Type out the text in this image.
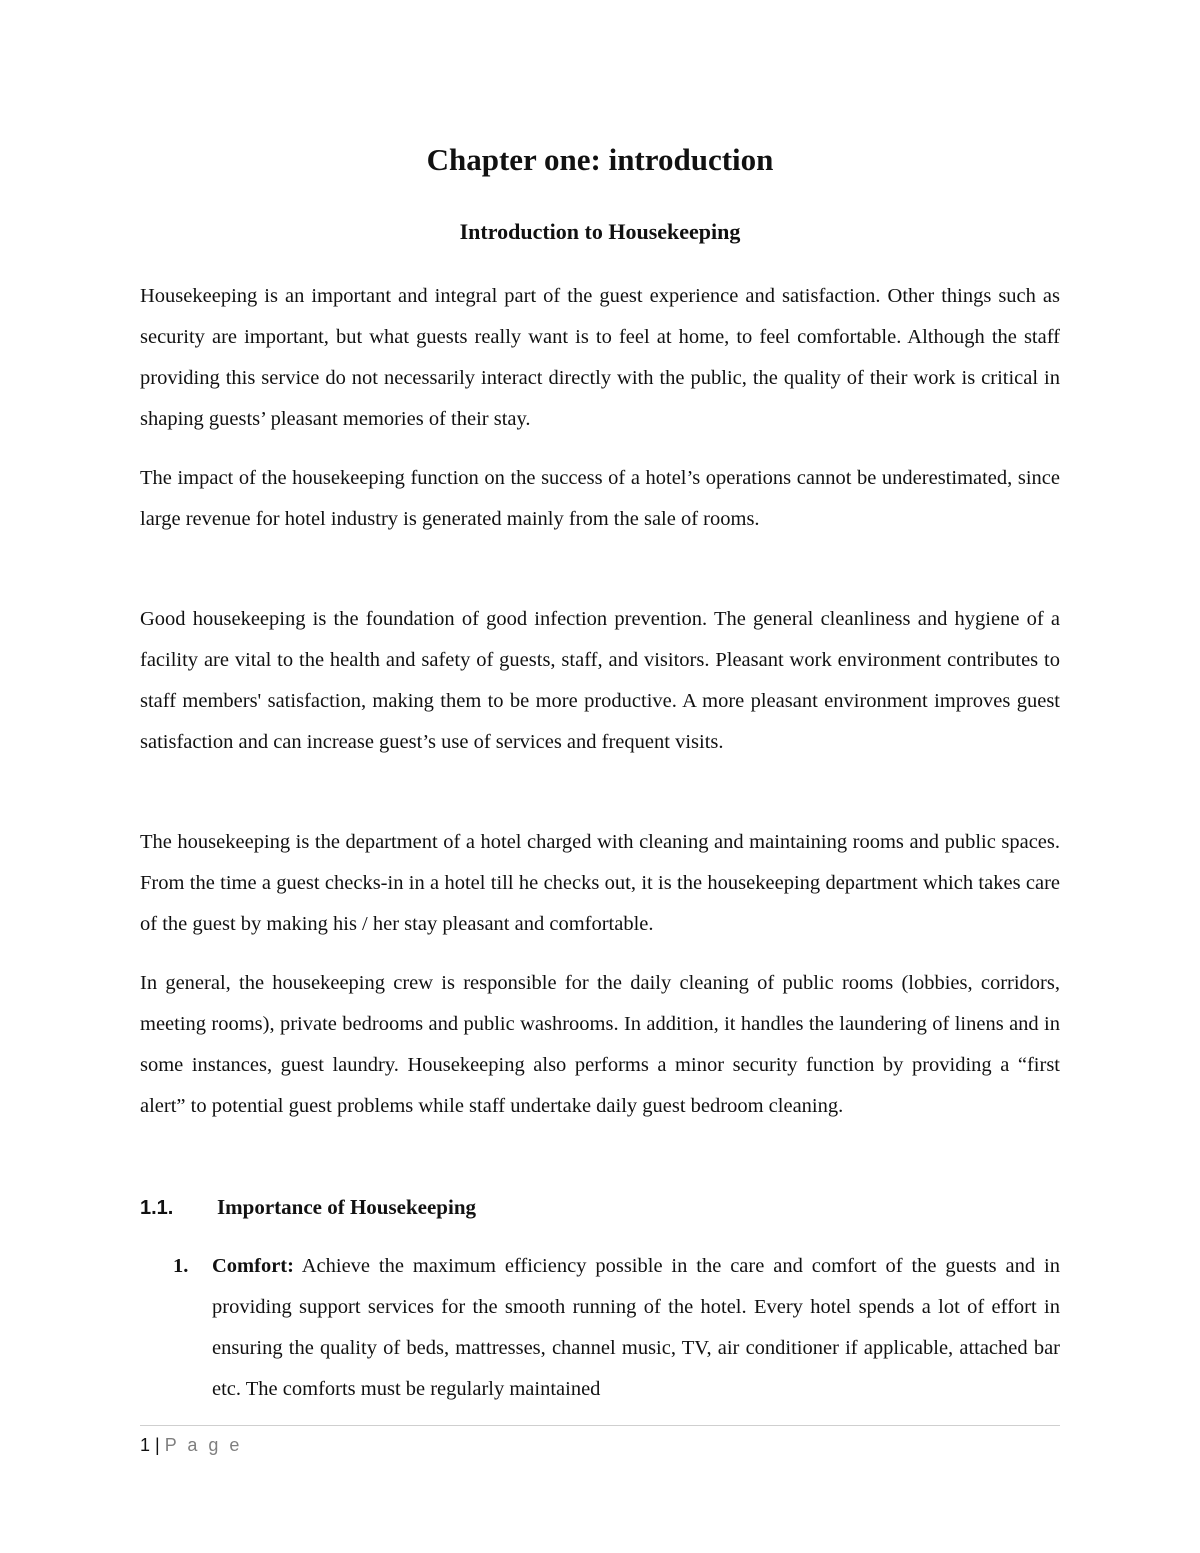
Chapter one: introduction
Introduction to Housekeeping

Housekeeping is an important and integral part of the guest experience and satisfaction. Other things such as security are important, but what guests really want is to feel at home, to feel comfortable. Although the staff providing this service do not necessarily interact directly with the public, the quality of their work is critical in shaping guests’ pleasant memories of their stay.

The impact of the housekeeping function on the success of a hotel’s operations cannot be underestimated, since large revenue for hotel industry is generated mainly from the sale of rooms.

Good housekeeping is the foundation of good infection prevention. The general cleanliness and hygiene of a facility are vital to the health and safety of guests, staff, and visitors. Pleasant work environment contributes to staff members' satisfaction, making them to be more productive. A more pleasant environment improves guest satisfaction and can increase guest’s use of services and frequent visits.

The housekeeping is the department of a hotel charged with cleaning and maintaining rooms and public spaces. From the time a guest checks-in in a hotel till he checks out, it is the housekeeping department which takes care of the guest by making his / her stay pleasant and comfortable.

In general, the housekeeping crew is responsible for the daily cleaning of public rooms (lobbies, corridors, meeting rooms), private bedrooms and public washrooms. In addition, it handles the laundering of linens and in some instances, guest laundry. Housekeeping also performs a minor security function by providing a “first alert” to potential guest problems while staff undertake daily guest bedroom cleaning.

1.1. Importance of Housekeeping
1. Comfort: Achieve the maximum efficiency possible in the care and comfort of the guests and in providing support services for the smooth running of the hotel. Every hotel spends a lot of effort in ensuring the quality of beds, mattresses, channel music, TV, air conditioner if applicable, attached bar etc. The comforts must be regularly maintained
1 | P a g e
